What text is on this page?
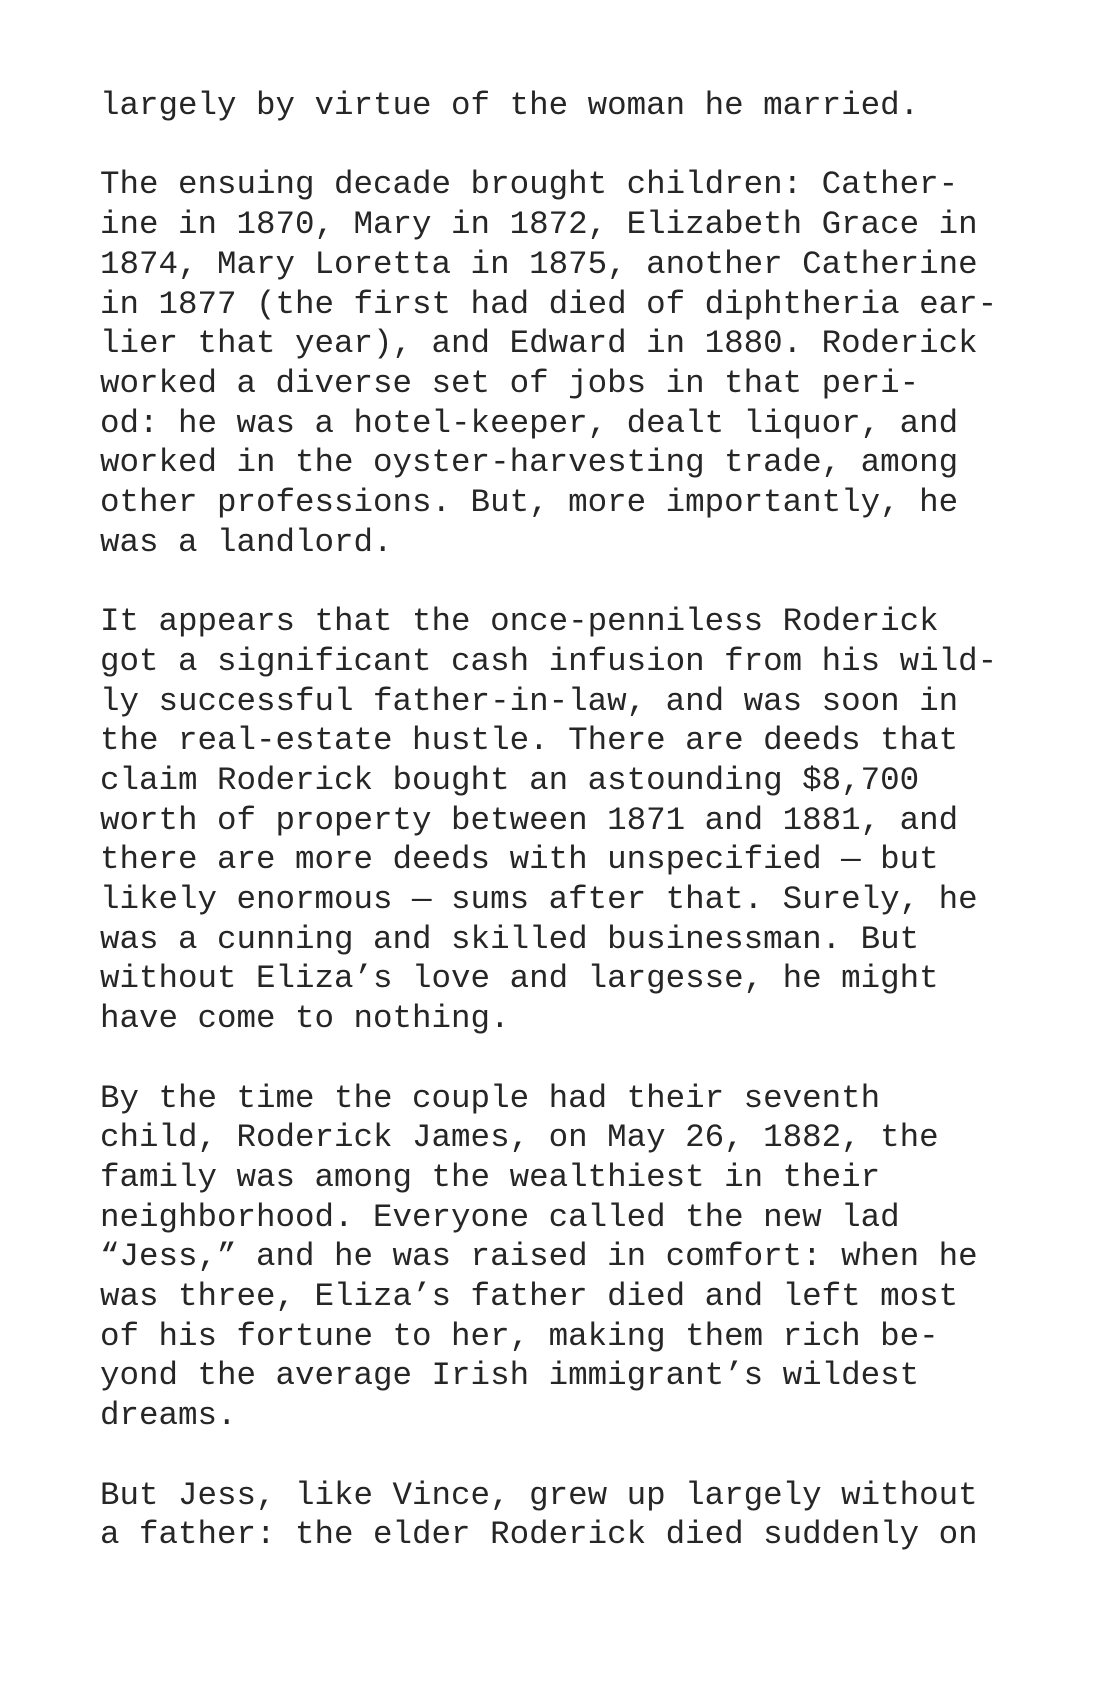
largely by virtue of the woman he married.

The ensuing decade brought children: Cather-
ine in 1870, Mary in 1872, Elizabeth Grace in
1874, Mary Loretta in 1875, another Catherine
in 1877 (the first had died of diphtheria ear-
lier that year), and Edward in 1880. Roderick
worked a diverse set of jobs in that peri-
od: he was a hotel-keeper, dealt liquor, and
worked in the oyster-harvesting trade, among
other professions. But, more importantly, he
was a landlord.

It appears that the once-penniless Roderick
got a significant cash infusion from his wild-
ly successful father-in-law, and was soon in
the real-estate hustle. There are deeds that
claim Roderick bought an astounding $8,700
worth of property between 1871 and 1881, and
there are more deeds with unspecified — but
likely enormous — sums after that. Surely, he
was a cunning and skilled businessman. But
without Eliza’s love and largesse, he might
have come to nothing.

By the time the couple had their seventh
child, Roderick James, on May 26, 1882, the
family was among the wealthiest in their
neighborhood. Everyone called the new lad
“Jess,” and he was raised in comfort: when he
was three, Eliza’s father died and left most
of his fortune to her, making them rich be-
yond the average Irish immigrant’s wildest
dreams.

But Jess, like Vince, grew up largely without
a father: the elder Roderick died suddenly on
